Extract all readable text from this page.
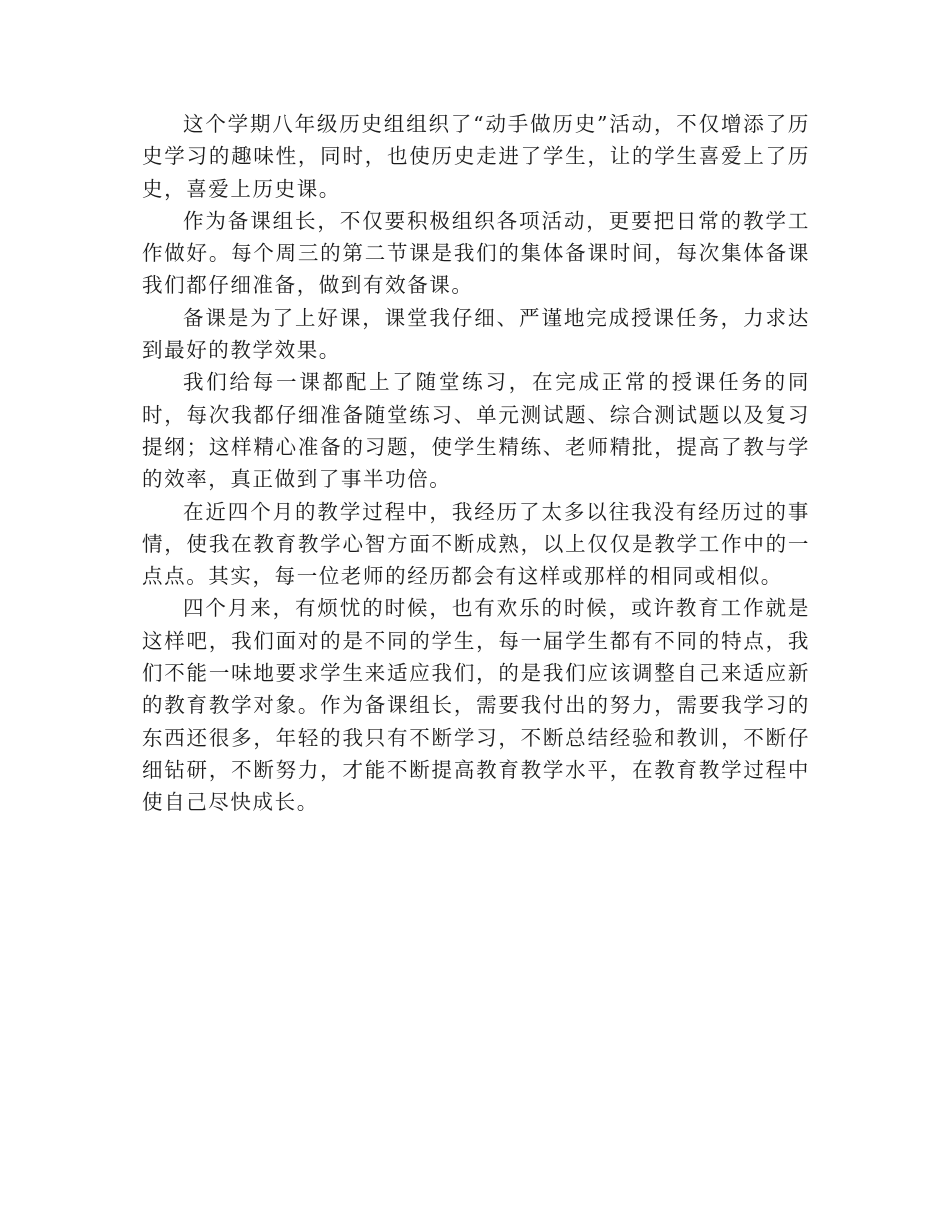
这个学期八年级历史组组织了“动手做历史”活动，不仅增添了历史学习的趣味性，同时，也使历史走进了学生，让的学生喜爱上了历史，喜爱上历史课。

作为备课组长，不仅要积极组织各项活动，更要把日常的教学工作做好。每个周三的第二节课是我们的集体备课时间，每次集体备课我们都仔细准备，做到有效备课。

备课是为了上好课，课堂我仔细、严谨地完成授课任务，力求达到最好的教学效果。

我们给每一课都配上了随堂练习，在完成正常的授课任务的同时，每次我都仔细准备随堂练习、单元测试题、综合测试题以及复习提纲；这样精心准备的习题，使学生精练、老师精批，提高了教与学的效率，真正做到了事半功倍。

在近四个月的教学过程中，我经历了太多以往我没有经历过的事情，使我在教育教学心智方面不断成熟，以上仅仅是教学工作中的一点点。其实，每一位老师的经历都会有这样或那样的相同或相似。

四个月来，有烦忧的时候，也有欢乐的时候，或许教育工作就是这样吧，我们面对的是不同的学生，每一届学生都有不同的特点，我们不能一味地要求学生来适应我们，的是我们应该调整自己来适应新的教育教学对象。作为备课组长，需要我付出的努力，需要我学习的东西还很多，年轻的我只有不断学习，不断总结经验和教训，不断仔细钻研，不断努力，才能不断提高教育教学水平，在教育教学过程中使自己尽快成长。
